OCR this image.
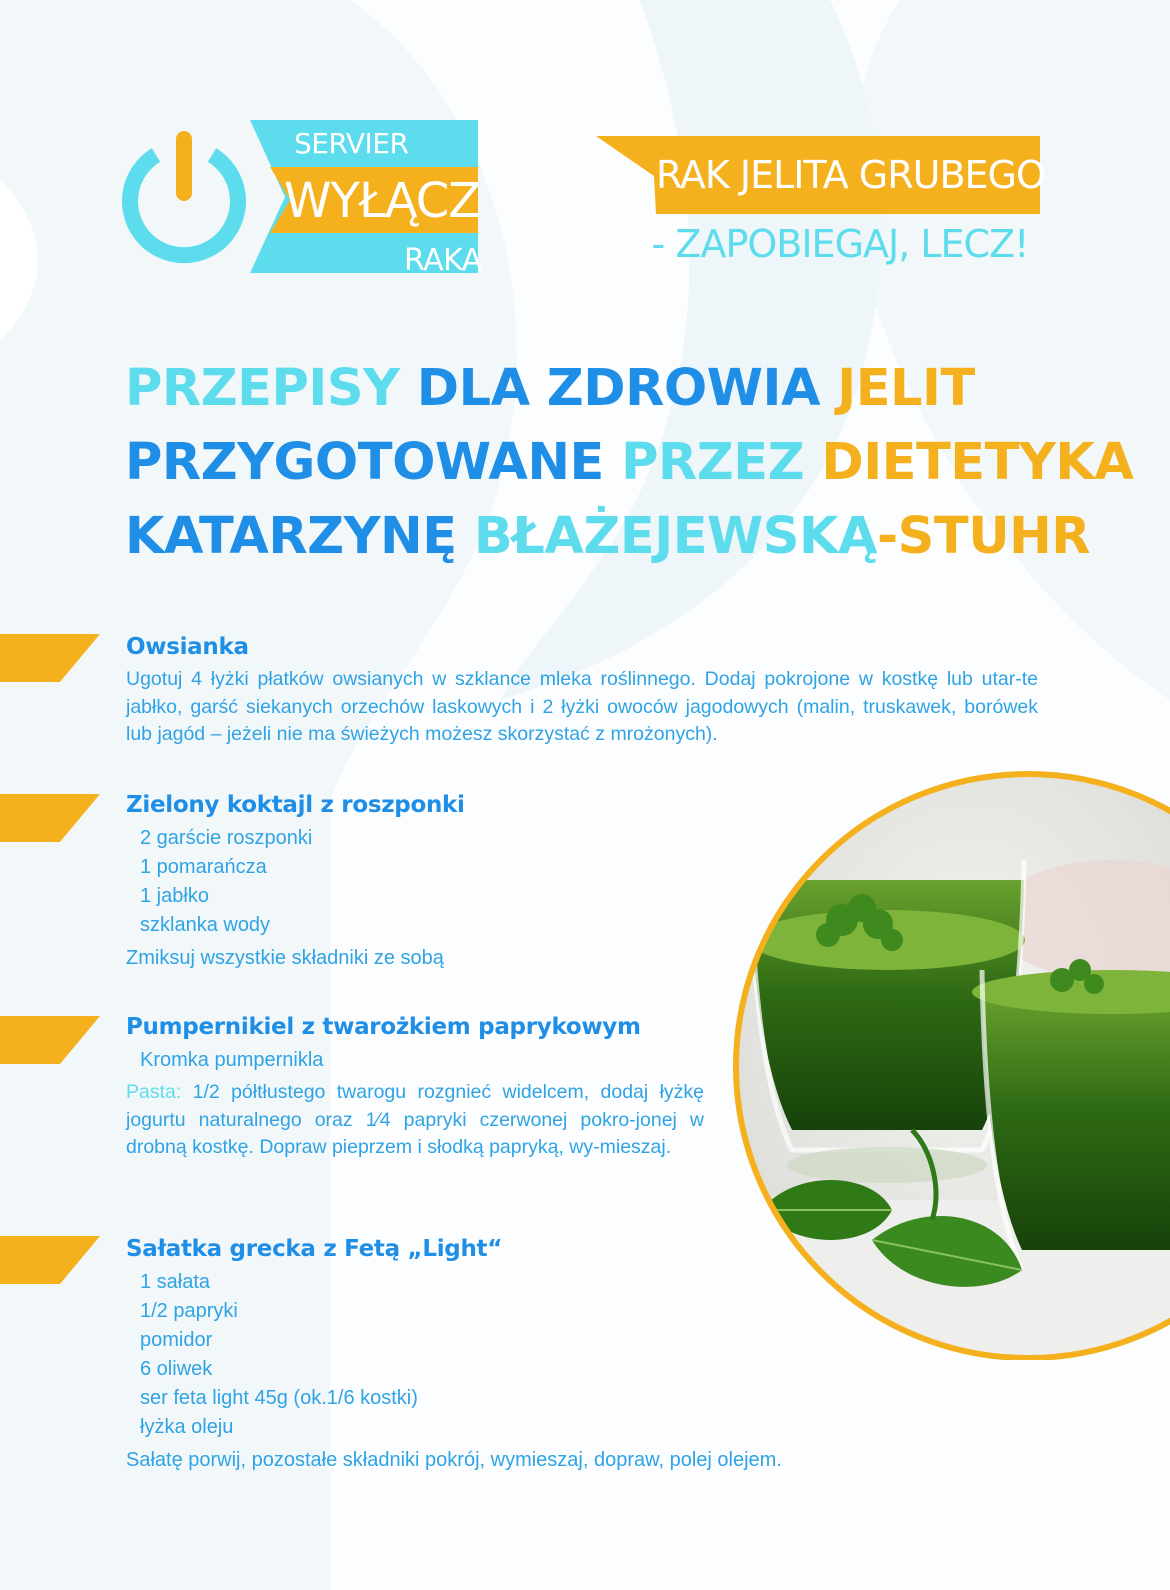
SERVIER
WYŁĄCZ
RAKA
RAK JELITA GRUBEGO
- ZAPOBIEGAJ, LECZ!
PRZEPISY DLA ZDROWIA JELIT
PRZYGOTOWANE PRZEZ DIETETYKA
KATARZYNĘ BŁAŻEJEWSKĄ-STUHR
Owsianka

Ugotuj 4 łyżki płatków owsianych w szklance mleka roślinnego. Dodaj pokrojone w kostkę lub utar-te jabłko, garść siekanych orzechów laskowych i 2 łyżki owoców jagodowych (malin, truskawek, borówek lub jagód – jeżeli nie ma świeżych możesz skorzystać z mrożonych).

Zielony koktajl z roszponki
2 garście roszponki
1 pomarańcza
1 jabłko
szklanka wody

Zmiksuj wszystkie składniki ze sobą

Pumpernikiel z twarożkiem paprykowym
Kromka pumpernikla

Pasta: 1/2 półtłustego twarogu rozgnieć widelcem, dodaj łyżkę jogurtu naturalnego oraz 1⁄4 papryki czerwonej pokro-jonej w drobną kostkę. Dopraw pieprzem i słodką papryką, wy-mieszaj.

Sałatka grecka z Fetą „Light“
1 sałata
1/2 papryki
pomidor
6 oliwek
ser feta light 45g (ok.1/6 kostki)
łyżka oleju

Sałatę porwij, pozostałe składniki pokrój, wymieszaj, dopraw, polej olejem.
